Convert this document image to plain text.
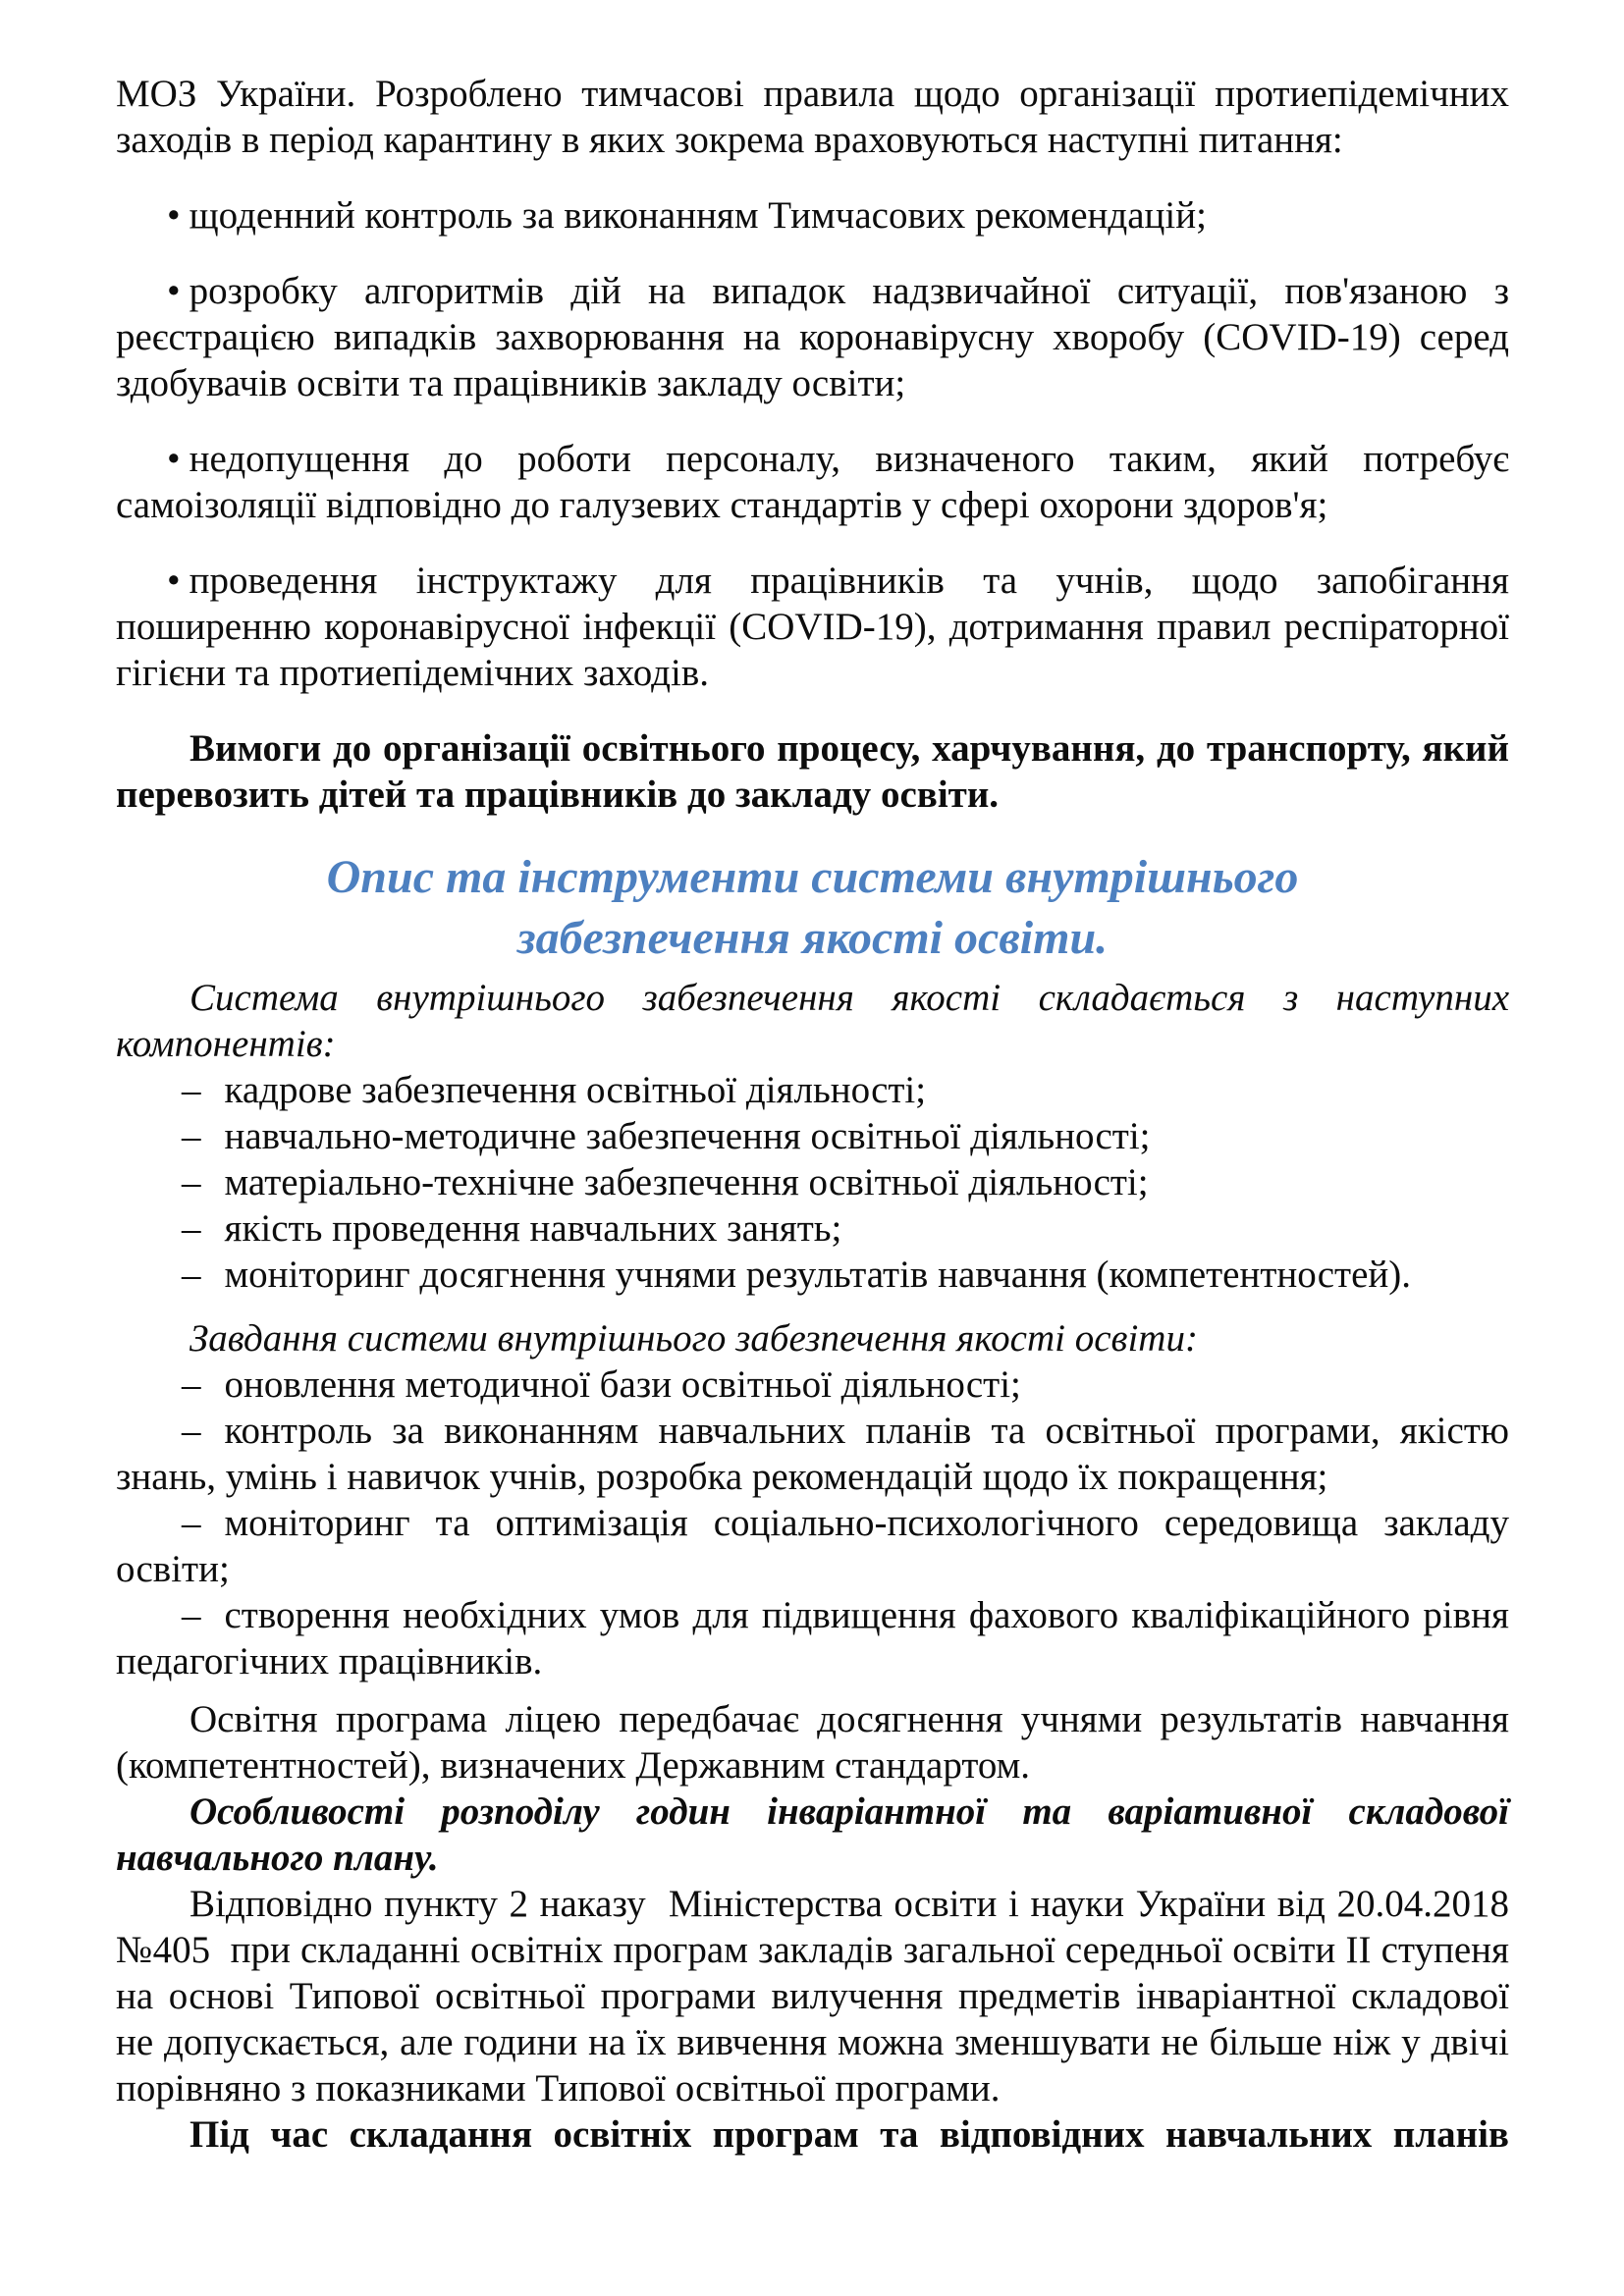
МОЗ України. Розроблено тимчасові правила щодо організації протиепідемічних заходів в період карантину в яких зокрема враховуються наступні питання:

• щоденний контроль за виконанням Тимчасових рекомендацій;

• розробку алгоритмів дій на випадок надзвичайної ситуації, пов'язаною з реєстрацією випадків захворювання на коронавірусну хворобу (COVID-19) серед здобувачів освіти та працівників закладу освіти;

• недопущення до роботи персоналу, визначеного таким, який потребує самоізоляції відповідно до галузевих стандартів у сфері охорони здоров'я;

• проведення інструктажу для працівників та учнів, щодо запобігання поширенню коронавірусної інфекції (COVID-19), дотримання правил респіраторної гігієни та протиепідемічних заходів.

Вимоги до організації освітнього процесу, харчування, до транспорту, який перевозить дітей та працівників до закладу освіти.

Опис та інструменти системи внутрішнього забезпечення якості освіти.

Система внутрішнього забезпечення якості складається з наступних компонентів:

– кадрове забезпечення освітньої діяльності;

– навчально-методичне забезпечення освітньої діяльності;

– матеріально-технічне забезпечення освітньої діяльності;

– якість проведення навчальних занять;

– моніторинг досягнення учнями результатів навчання (компетентностей).

Завдання системи внутрішнього забезпечення якості освіти:

– оновлення методичної бази освітньої діяльності;

– контроль за виконанням навчальних планів та освітньої програми, якістю знань, умінь і навичок учнів, розробка рекомендацій щодо їх покращення;

– моніторинг та оптимізація соціально-психологічного середовища закладу освіти;

– створення необхідних умов для підвищення фахового кваліфікаційного рівня педагогічних працівників.

Освітня програма ліцею передбачає досягнення учнями результатів навчання (компетентностей), визначених Державним стандартом.

Особливості розподілу годин інваріантної та варіативної складової навчального плану.

Відповідно пункту 2 наказу  Міністерства освіти і науки України від 20.04.2018 №405  при складанні освітніх програм закладів загальної середньої освіти ІІ ступеня на основі Типової освітньої програми вилучення предметів інваріантної складової не допускається, але години на їх вивчення можна зменшувати не більше ніж у двічі порівняно з показниками Типової освітньої програми.

Під час складання освітніх програм та відповідних навчальних планів
